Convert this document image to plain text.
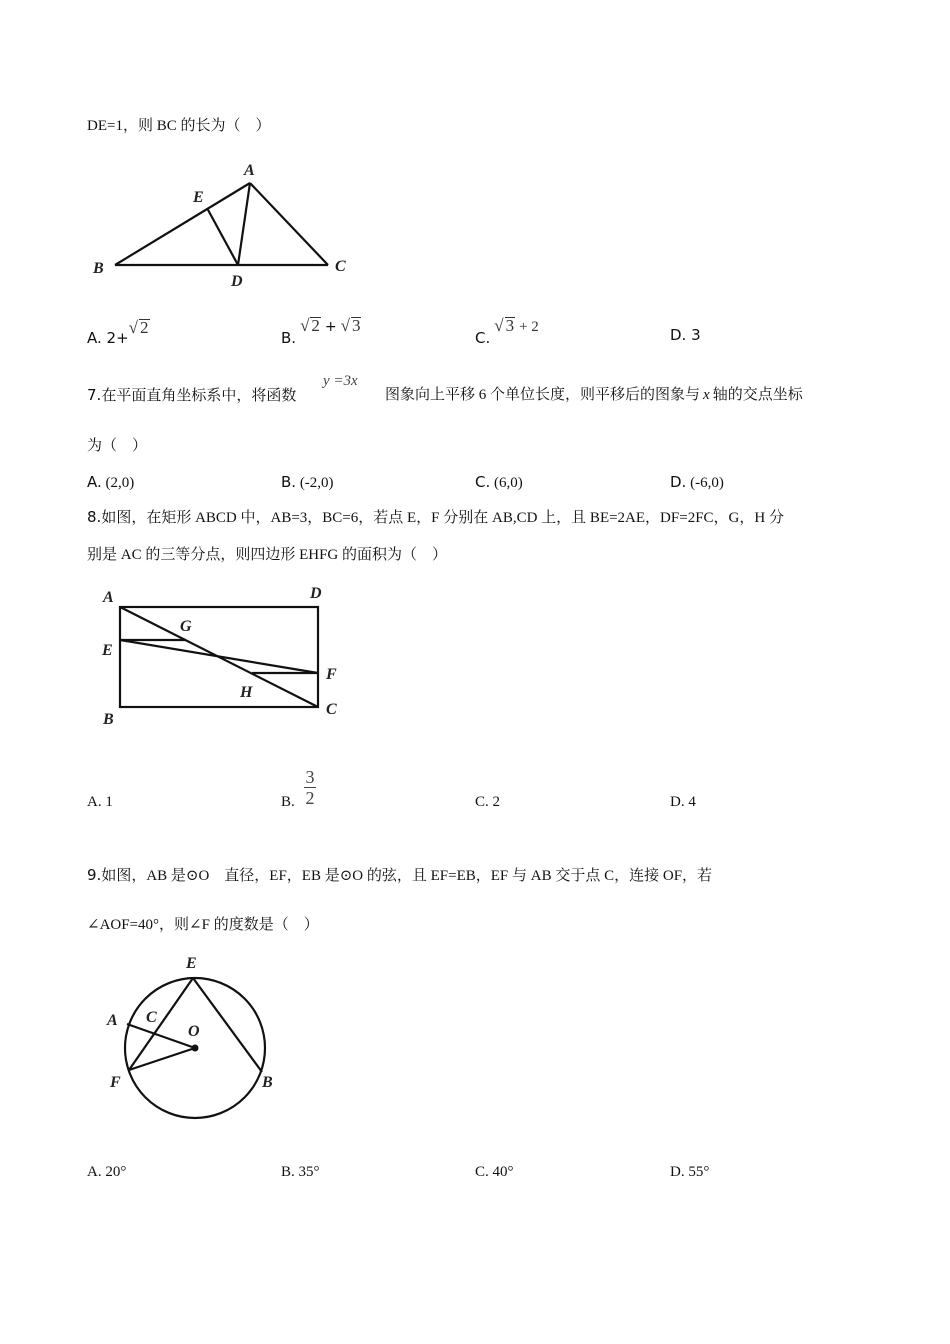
DE=1，则 BC 的长为（　）
A
E
B
D
C
A. 2+√ 2
B. √ 2 + √ 3
C. √ 3 + 2	D. 3
y =3x
7.在平面直角坐标系中，将函数	图象向上平移 6 个单位长度，则平移后的图象与 x 轴的交点坐标
为（　）
A. (2,0)	B. (-2,0)	C. (6,0)	D. (-6,0)
8.如图，在矩形 ABCD 中，AB=3，BC=6，若点 E，F 分别在 AB,CD 上，且 BE=2AE，DF=2FC，G，H 分
别是 AC 的三等分点，则四边形 EHFG 的面积为（　）
A	D
G
E
F
H
C
B
A. 1	B.
3
2	C. 2	D. 4
9.如图，AB 是⊙O　直径，EF，EB 是⊙O 的弦，且 EF=EB，EF 与 AB 交于点 C，连接 OF，若
∠AOF=40°，则∠F 的度数是（　）
E
A C
O
F	B
A. 20°	B. 35°	C. 40°	D. 55°
